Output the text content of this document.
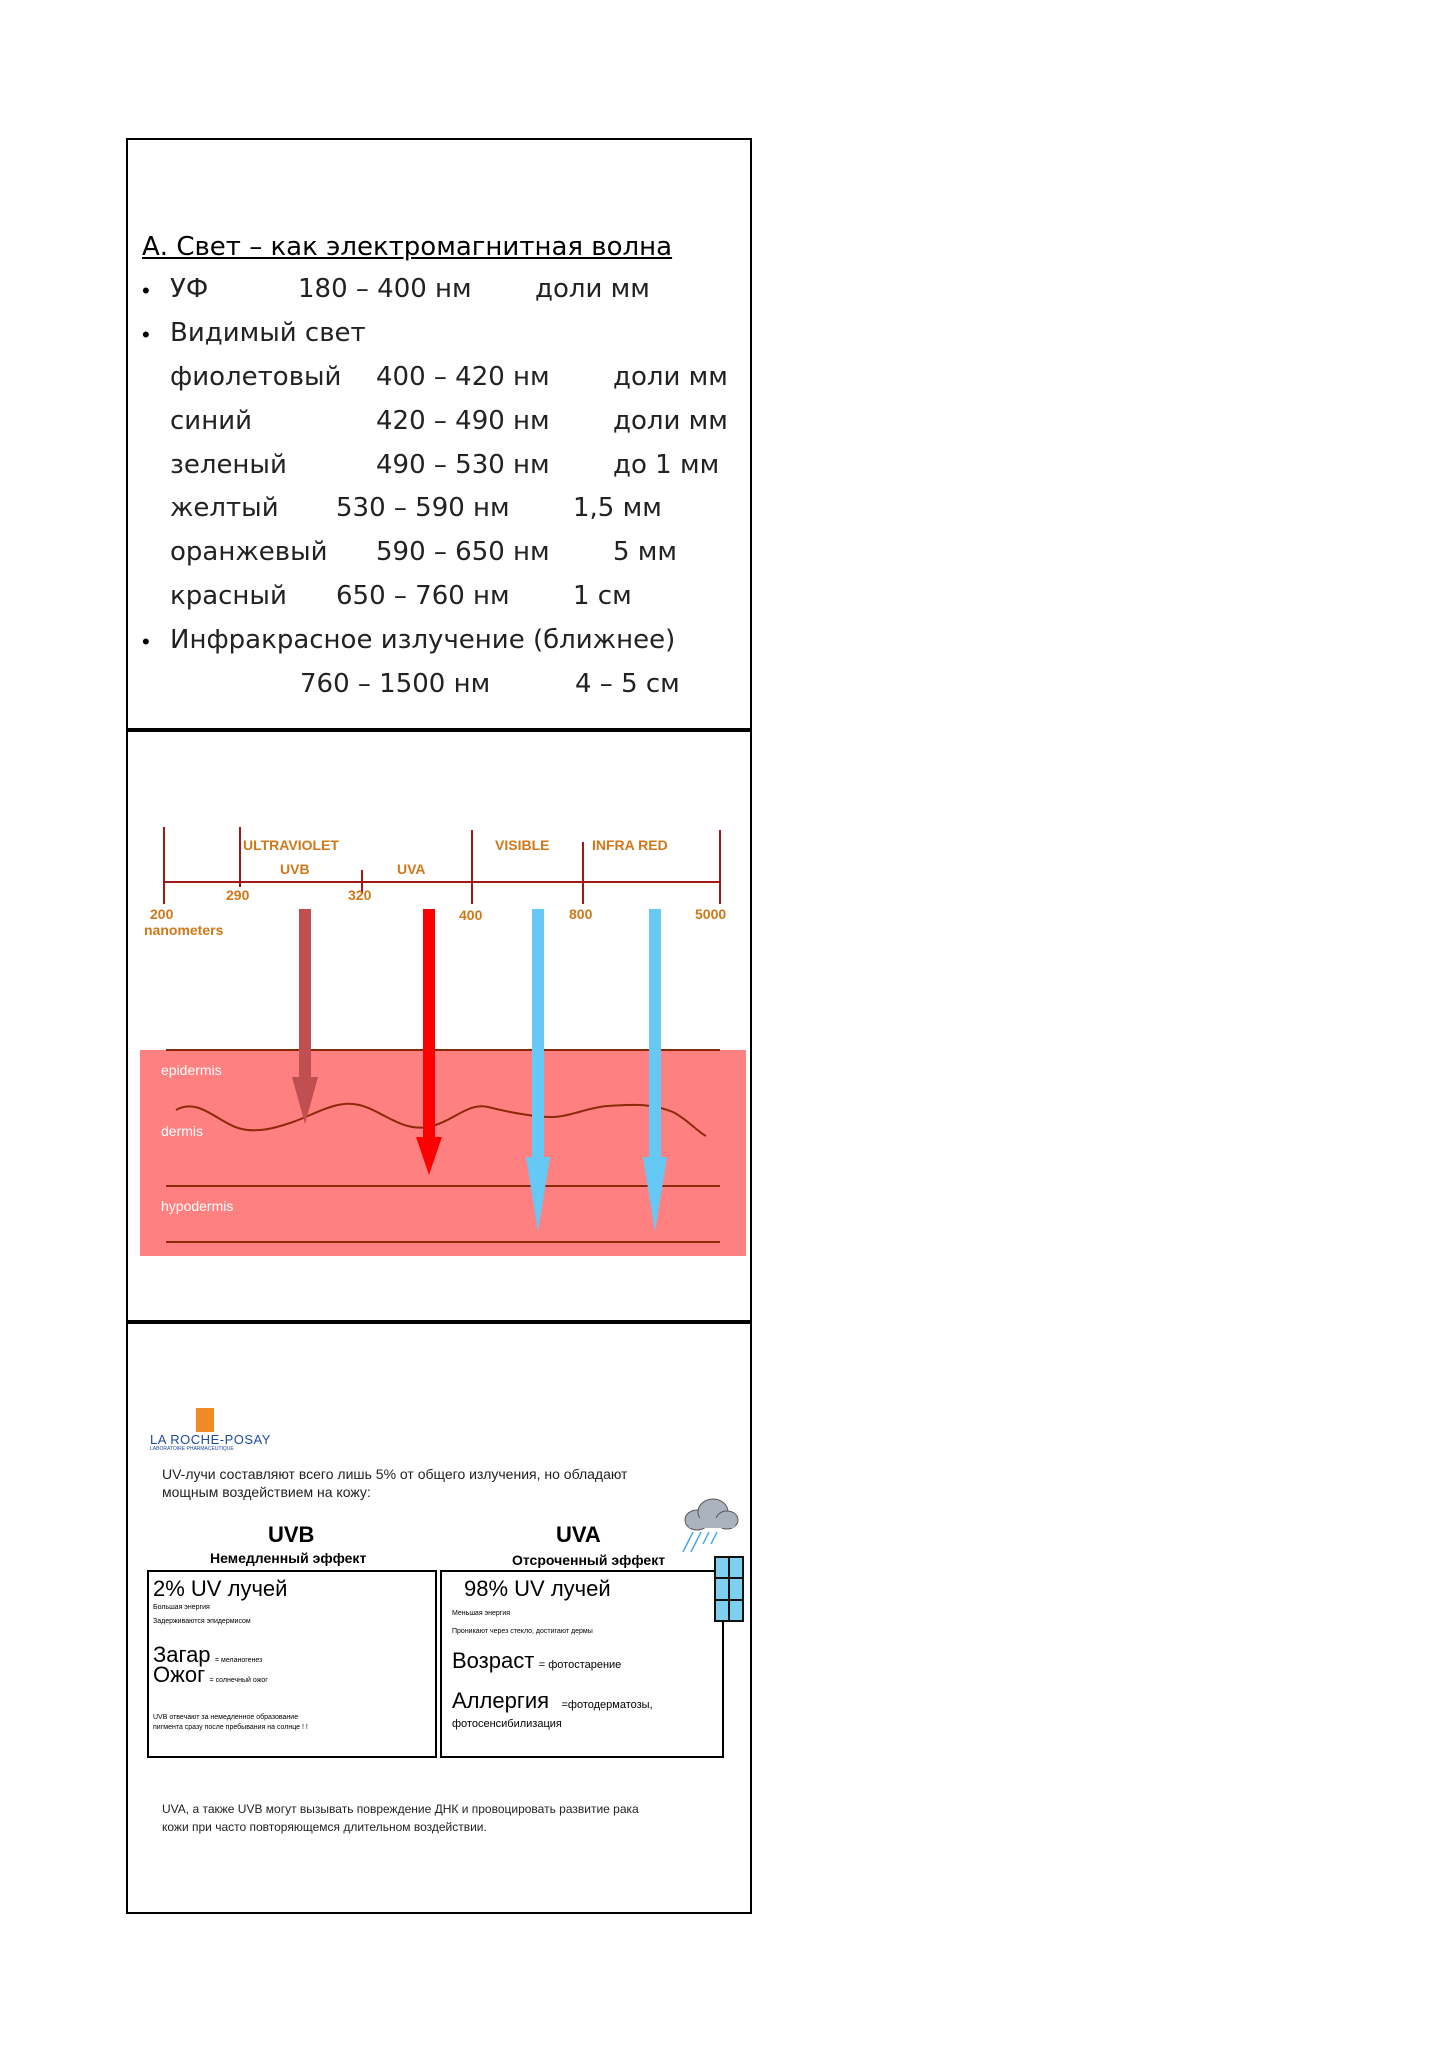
А. Свет – как электромагнитная волна
• УФ	180 – 400 нм доли мм
• Видимый свет
фиолетовый 400 – 420 нм доли мм
синий	420 – 490 нм доли мм
зеленый	490 – 530 нм до 1 мм
желтый 530 – 590 нм 1,5 мм
оранжевый 590 – 650 нм 5 мм
красный 650 – 760 нм 1 см
• Инфракрасное излучение (ближнее)
760 – 1500 нм	4 – 5 см
epidermis
dermis
hypodermis
ULTRAVIOLET
UVB	UVA
VISIBLE	INFRA RED
200
290	320
400	800	5000
nanometers
LA ROCHE-POSAY
LABORATOIRE PHARMACEUTIQUE
UV-лучи составляют всего лишь 5% от общего излучения, но обладают
мощным воздействием на кожу:
UVB
Немедленный эффект
2% UV лучей
Большая энергия
Задерживаются эпидермисом
Загар = меланогенез
Ожог = солнечный ожог
UVB отвечают за немедленное образование
пигмента сразу после пребывания на солнце ! !
UVA
Отсроченный эффект
98% UV лучей
Меньшая энергия
Проникают через стекло, достигают дермы
Возраст = фотостарение
Аллергия =фотодерматозы,
фотосенсибилизация
UVA, а также UVB могут вызывать повреждение ДНК и провоцировать развитие рака
кожи при часто повторяющемся длительном воздействии.
